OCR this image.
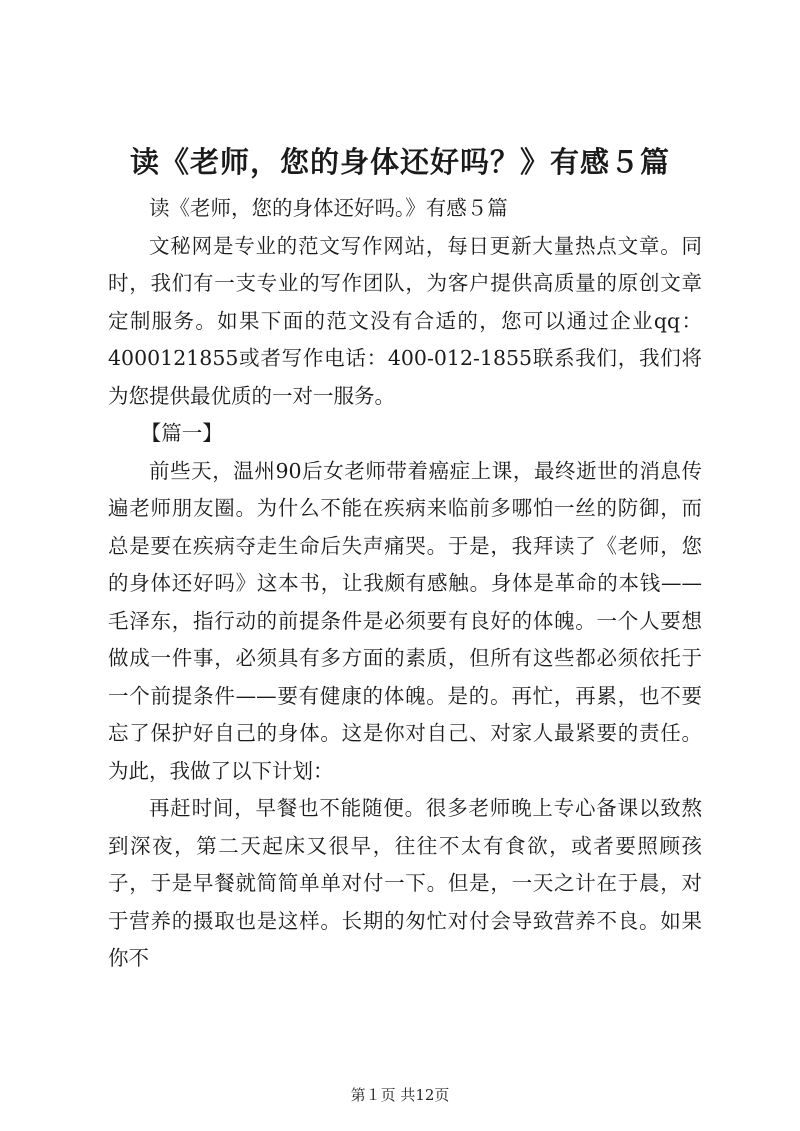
读《老师，您的身体还好吗？》有感５篇

读《老师，您的身体还好吗。》有感５篇

文秘网是专业的范文写作网站，每日更新大量热点文章。同时，我们有一支专业的写作团队，为客户提供高质量的原创文章定制服务。如果下面的范文没有合适的，您可以通过企业qq：4000121855或者写作电话：400-012-1855联系我们，我们将为您提供最优质的一对一服务。

【篇一】

前些天，温州90后女老师带着癌症上课，最终逝世的消息传遍老师朋友圈。为什么不能在疾病来临前多哪怕一丝的防御，而总是要在疾病夺走生命后失声痛哭。于是，我拜读了《老师，您的身体还好吗》这本书，让我颇有感触。身体是革命的本钱——毛泽东，指行动的前提条件是必须要有良好的体魄。一个人要想做成一件事，必须具有多方面的素质，但所有这些都必须依托于一个前提条件——要有健康的体魄。是的。再忙，再累，也不要忘了保护好自己的身体。这是你对自己、对家人最紧要的责任。为此，我做了以下计划：

再赶时间，早餐也不能随便。很多老师晚上专心备课以致熬到深夜，第二天起床又很早，往往不太有食欲，或者要照顾孩子，于是早餐就简简单单对付一下。但是，一天之计在于晨，对于营养的摄取也是这样。长期的匆忙对付会导致营养不良。如果你不

第１页 共12页
